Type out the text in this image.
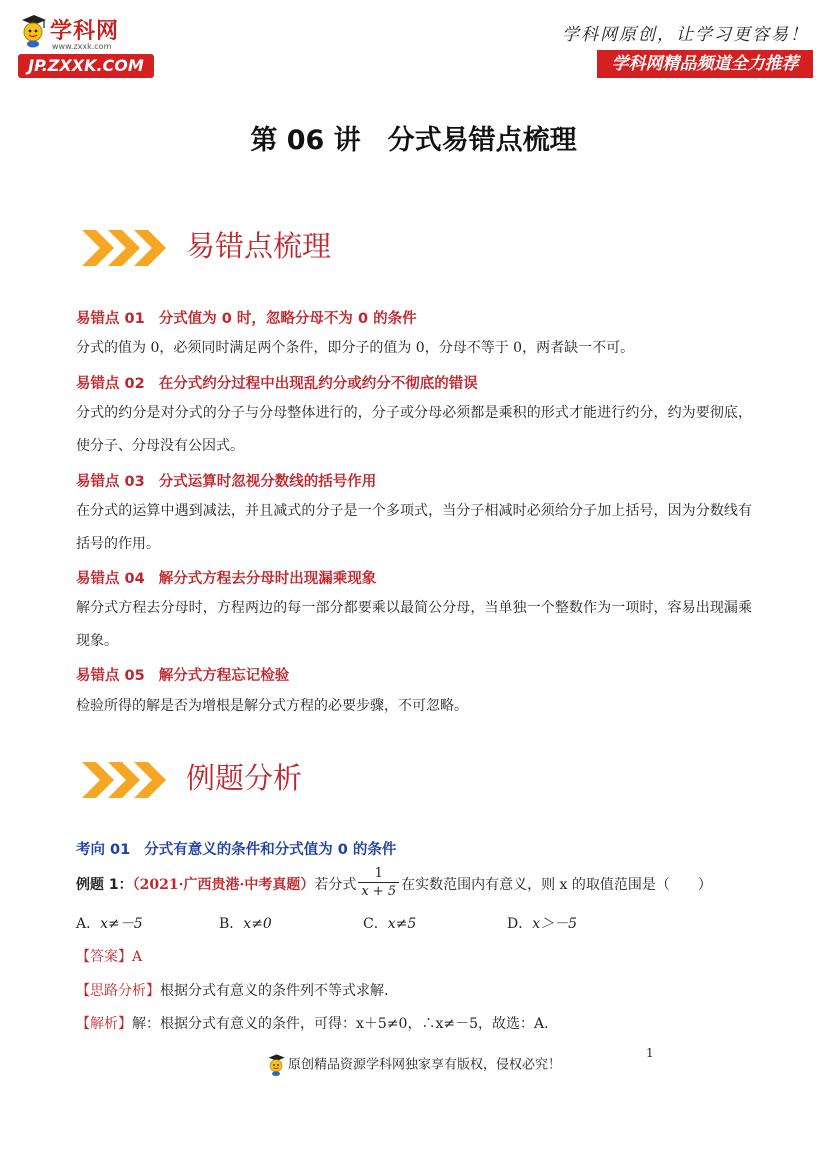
学科网
www.zxxk.com
JP.ZXXK.COM
学科网原创，让学习更容易！
学科网精品频道全力推荐
第 06 讲　分式易错点梳理
易错点梳理
易错点 01 分式值为 0 时，忽略分母不为 0 的条件
分式的值为 0，必须同时满足两个条件，即分子的值为 0，分母不等于 0，两者缺一不可。
易错点 02 在分式约分过程中出现乱约分或约分不彻底的错误
分式的约分是对分式的分子与分母整体进行的，分子或分母必须都是乘积的形式才能进行约分，约为要彻底，使分子、分母没有公因式。
易错点 03 分式运算时忽视分数线的括号作用
在分式的运算中遇到减法，并且减式的分子是一个多项式，当分子相减时必须给分子加上括号，因为分数线有括号的作用。
易错点 04 解分式方程去分母时出现漏乘现象
解分式方程去分母时，方程两边的每一部分都要乘以最简公分母，当单独一个整数作为一项时，容易出现漏乘现象。
易错点 05 解分式方程忘记检验
检验所得的解是否为增根是解分式方程的必要步骤，不可忽略。
例题分析
考向 01 分式有意义的条件和分式值为 0 的条件
例题 1：（2021·广西贵港·中考真题）若分式 $\frac{1}{x + 5}$ 在实数范围内有意义，则 x 的取值范围是（　　）
A．x≠－5	B．x≠0	C．x≠5	D．x＞－5
【答案】A
【思路分析】根据分式有意义的条件列不等式求解.
【解析】解：根据分式有意义的条件，可得：x＋5≠0，∴x≠－5，故选：A.
原创精品资源学科网独家享有版权，侵权必究！
1
